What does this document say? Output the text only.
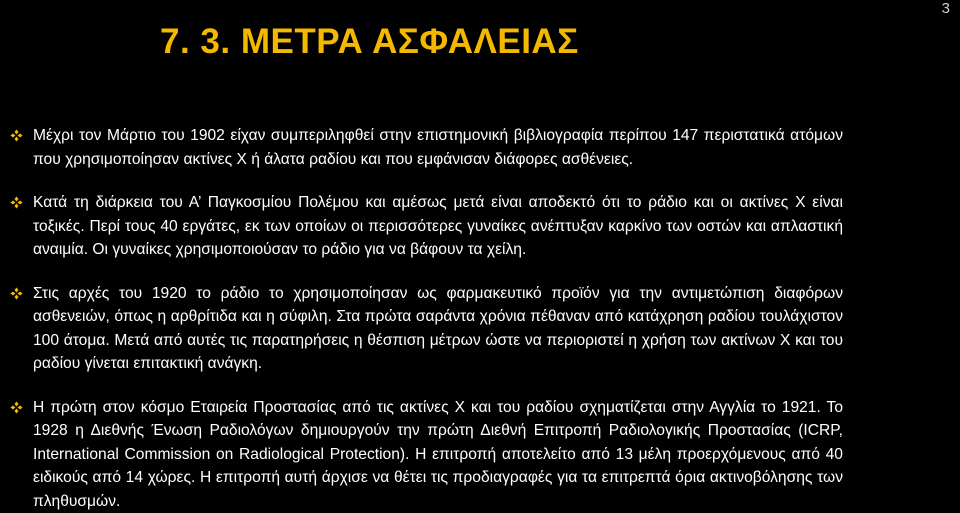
3
7. 3. ΜΕΤΡΑ ΑΣΦΑΛΕΙΑΣ
Μέχρι τον Μάρτιο του 1902 είχαν συμπεριληφθεί στην επιστημονική βιβλιογραφία περίπου 147 περιστατικά ατόμων που χρησιμοποίησαν ακτίνες Χ ή άλατα ραδίου και που εμφάνισαν διάφορες ασθένειες.
Κατά τη διάρκεια του Α’ Παγκοσμίου Πολέμου και αμέσως μετά είναι αποδεκτό ότι το ράδιο και οι ακτίνες Χ είναι τοξικές. Περί τους 40 εργάτες, εκ των οποίων οι περισσότερες γυναίκες ανέπτυξαν καρκίνο των οστών και απλαστική αναιμία. Οι γυναίκες χρησιμοποιούσαν το ράδιο για να βάφουν τα χείλη.
Στις αρχές του 1920 το ράδιο το χρησιμοποίησαν ως φαρμακευτικό προϊόν για την αντιμετώπιση διαφόρων ασθενειών, όπως η αρθρίτιδα και η σύφιλη. Στα πρώτα σαράντα χρόνια πέθαναν από κατάχρηση ραδίου τουλάχιστον 100 άτομα. Μετά από αυτές τις παρατηρήσεις η θέσπιση μέτρων ώστε να περιοριστεί η χρήση των ακτίνων Χ και του ραδίου γίνεται επιτακτική ανάγκη.
Η πρώτη στον κόσμο Εταιρεία Προστασίας από τις ακτίνες Χ και του ραδίου σχηματίζεται στην Αγγλία το 1921. Το 1928 η Διεθνής Ένωση Ραδιολόγων δημιουργούν την πρώτη Διεθνή Επιτροπή Ραδιολογικής Προστασίας (ICRP, International Commission on Radiological Protection). Η επιτροπή αποτελείτο από 13 μέλη προερχόμενους από 40 ειδικούς από 14 χώρες. Η επιτροπή αυτή άρχισε να θέτει τις προδιαγραφές για τα επιτρεπτά όρια ακτινοβόλησης των πληθυσμών.
